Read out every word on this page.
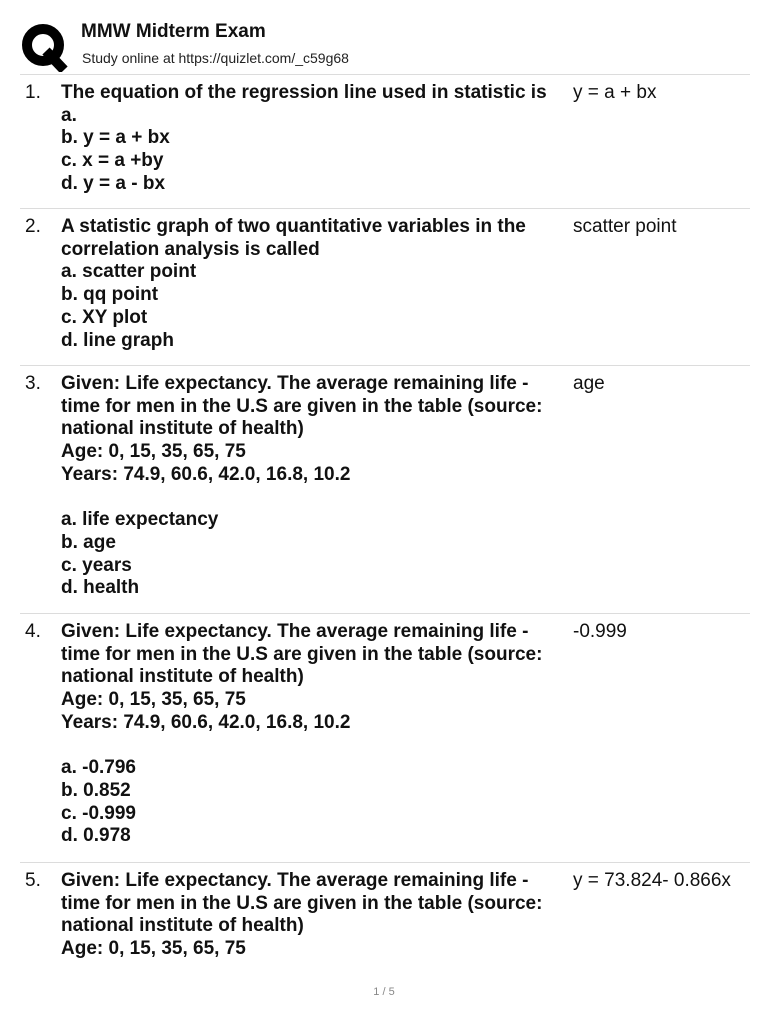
MMW Midterm Exam
Study online at https://quizlet.com/_c59g68
1. The equation of the regression line used in statistic is
a.
b. y = a + bx
c. x = a +by
d. y = a - bx
y = a + bx
2. A statistic graph of two quantitative variables in the
correlation analysis is called
a. scatter point
b. qq point
c. XY plot
d. line graph
scatter point
3. Given: Life expectancy. The average remaining life -
time for men in the U.S are given in the table (source:
national institute of health)
Age: 0, 15, 35, 65, 75
Years: 74.9, 60.6, 42.0, 16.8, 10.2
a. life expectancy
b. age
c. years
d. health
age
4. Given: Life expectancy. The average remaining life -
time for men in the U.S are given in the table (source:
national institute of health)
Age: 0, 15, 35, 65, 75
Years: 74.9, 60.6, 42.0, 16.8, 10.2
a. -0.796
b. 0.852
c. -0.999
d. 0.978
-0.999
5. Given: Life expectancy. The average remaining life -
time for men in the U.S are given in the table (source:
national institute of health)
Age: 0, 15, 35, 65, 75
y = 73.824- 0.866x
1 / 5
